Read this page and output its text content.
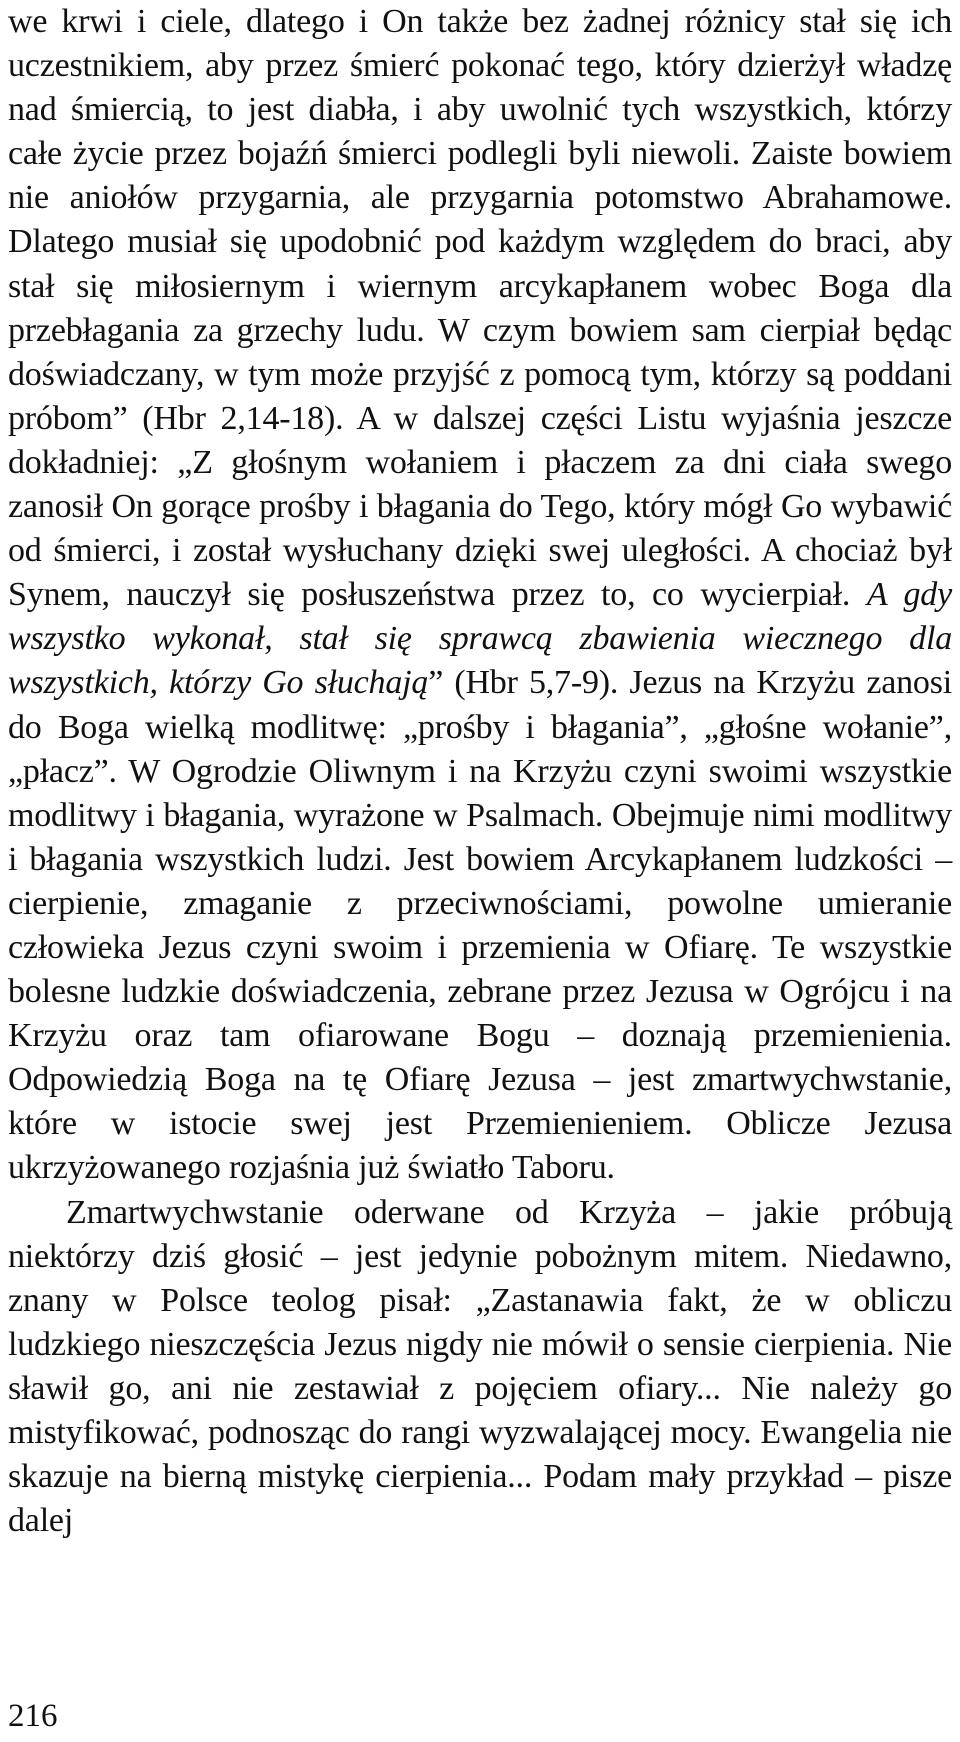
we krwi i ciele, dlatego i On także bez żadnej różnicy stał się ich uczestnikiem, aby przez śmierć pokonać tego, który dzierżył władzę nad śmiercią, to jest diabła, i aby uwolnić tych wszystkich, którzy całe życie przez bojaźń śmierci podlegli byli niewoli. Zaiste bowiem nie aniołów przygarnia, ale przygarnia potomstwo Abrahamowe. Dlatego musiał się upodobnić pod każdym względem do braci, aby stał się miłosiernym i wiernym arcykapłanem wobec Boga dla przebłagania za grzechy ludu. W czym bowiem sam cierpiał będąc doświadczany, w tym może przyjść z pomocą tym, którzy są poddani próbom” (Hbr 2,14-18). A w dalszej części Listu wyjaśnia jeszcze dokładniej: „Z głośnym wołaniem i płaczem za dni ciała swego zanosił On gorące prośby i błagania do Tego, który mógł Go wybawić od śmierci, i został wysłuchany dzięki swej uległości. A chociaż był Synem, nauczył się posłuszeństwa przez to, co wycierpiał. A gdy wszystko wykonał, stał się sprawcą zbawienia wiecznego dla wszystkich, którzy Go słuchają” (Hbr 5,7-9). Jezus na Krzyżu zanosi do Boga wielką modlitwę: „prośby i błagania”, „głośne wołanie”, „płacz”. W Ogrodzie Oliwnym i na Krzyżu czyni swoimi wszystkie modlitwy i błagania, wyrażone w Psalmach. Obejmuje nimi modlitwy i błagania wszystkich ludzi. Jest bowiem Arcykapłanem ludzkości – cierpienie, zmaganie z przeciwnościami, powolne umieranie człowieka Jezus czyni swoim i przemienia w Ofiarę. Te wszystkie bolesne ludzkie doświadczenia, zebrane przez Jezusa w Ogrójcu i na Krzyżu oraz tam ofiarowane Bogu – doznają przemienienia. Odpowiedzią Boga na tę Ofiarę Jezusa – jest zmartwychwstanie, które w istocie swej jest Przemienieniem. Oblicze Jezusa ukrzyżowanego rozjaśnia już światło Taboru.

Zmartwychwstanie oderwane od Krzyża – jakie próbują niektórzy dziś głosić – jest jedynie pobożnym mitem. Niedawno, znany w Polsce teolog pisał: „Zastanawia fakt, że w obliczu ludzkiego nieszczęścia Jezus nigdy nie mówił o sensie cierpienia. Nie sławił go, ani nie zestawiał z pojęciem ofiary... Nie należy go mistyfikować, podnosząc do rangi wyzwalającej mocy. Ewangelia nie skazuje na bierną mistykę cierpienia... Podam mały przykład – pisze dalej

216
